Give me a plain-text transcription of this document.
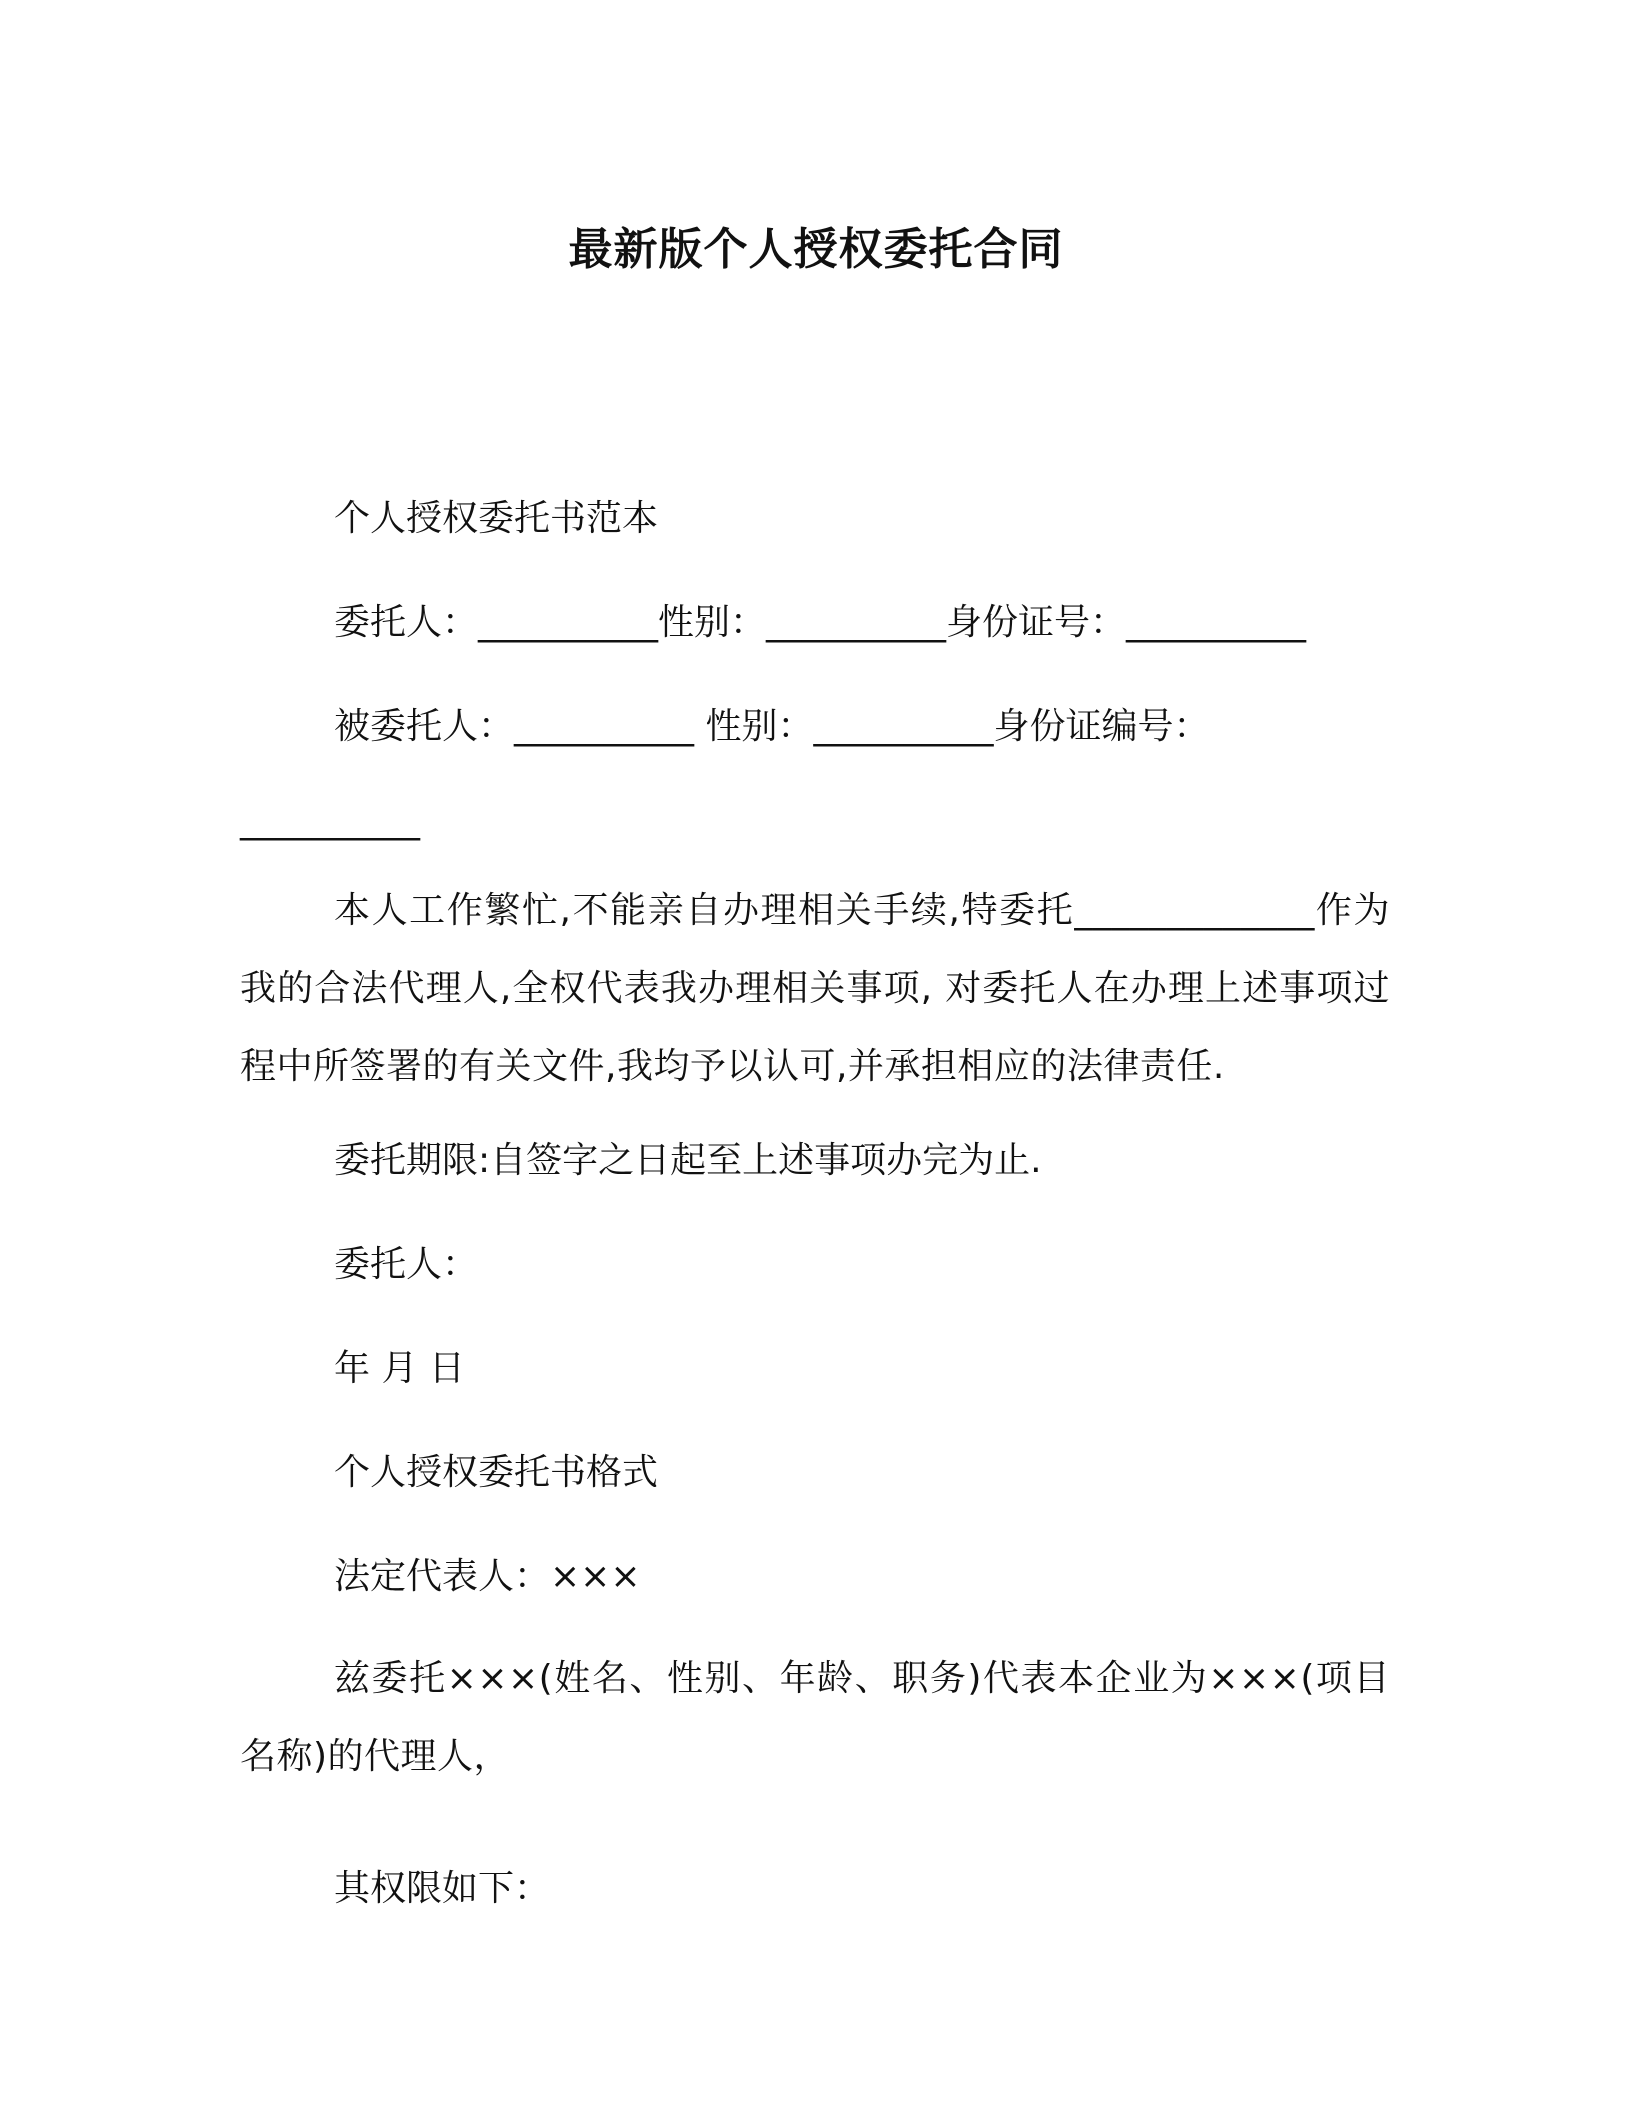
最新版个人授权委托合同
个人授权委托书范本
委托人：__________性别：__________身份证号：__________
被委托人：__________ 性别：__________身份证编号：
__________
本人工作繁忙,不能亲自办理相关手续,特委托_____________作为我的合法代理人,全权代表我办理相关事项, 对委托人在办理上述事项过程中所签署的有关文件,我均予以认可,并承担相应的法律责任.
委托期限:自签字之日起至上述事项办完为止.
委托人：
年 月 日
个人授权委托书格式
法定代表人：×××
兹委托×××(姓名、性别、年龄、职务)代表本企业为×××(项目名称)的代理人，
其权限如下：
